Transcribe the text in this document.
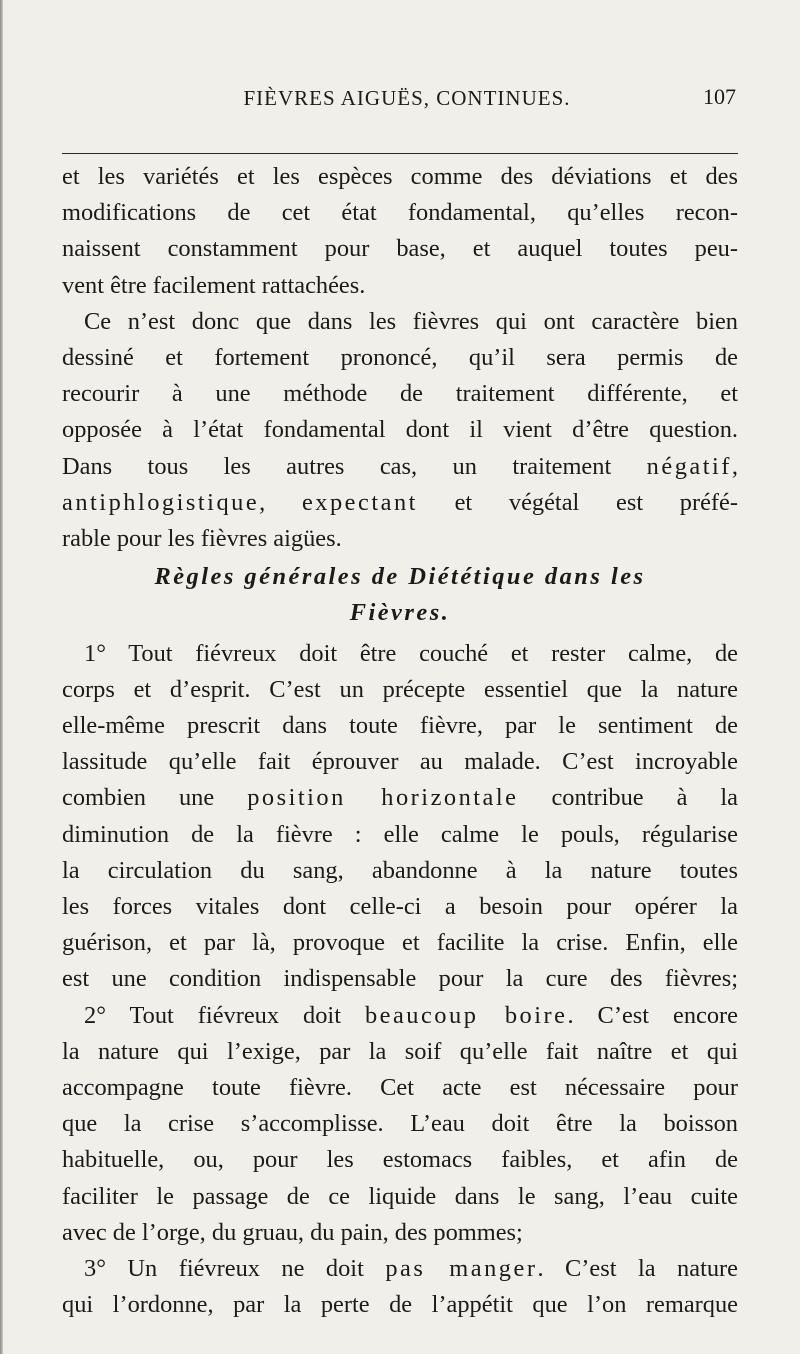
FIÈVRES AIGUËS, CONTINUES.	107
et les variétés et les espèces comme des déviations et des
modifications de cet état fondamental, qu’elles recon-
naissent constamment pour base, et auquel toutes peu-
vent être facilement rattachées.
Ce n’est donc que dans les fièvres qui ont caractère bien
dessiné et fortement prononcé, qu’il sera permis de
recourir à une méthode de traitement différente, et
opposée à l’état fondamental dont il vient d’être question.
Dans tous les autres cas, un traitement négatif,
antiphlogistique, expectant et végétal est préfé-
rable pour les fièvres aigües.
Règles générales de Diététique dans les
Fièvres.
1° Tout fiévreux doit être couché et rester calme, de
corps et d’esprit. C’est un précepte essentiel que la nature
elle-même prescrit dans toute fièvre, par le sentiment de
lassitude qu’elle fait éprouver au malade. C’est incroyable
combien une position horizontale contribue à la
diminution de la fièvre : elle calme le pouls, régularise
la circulation du sang, abandonne à la nature toutes
les forces vitales dont celle-ci a besoin pour opérer la
guérison, et par là, provoque et facilite la crise. Enfin, elle
est une condition indispensable pour la cure des fièvres;
2° Tout fiévreux doit beaucoup boire. C’est encore
la nature qui l’exige, par la soif qu’elle fait naître et qui
accompagne toute fièvre. Cet acte est nécessaire pour
que la crise s’accomplisse. L’eau doit être la boisson
habituelle, ou, pour les estomacs faibles, et afin de
faciliter le passage de ce liquide dans le sang, l’eau cuite
avec de l’orge, du gruau, du pain, des pommes;
3° Un fiévreux ne doit pas manger. C’est la nature
qui l’ordonne, par la perte de l’appétit que l’on remarque
